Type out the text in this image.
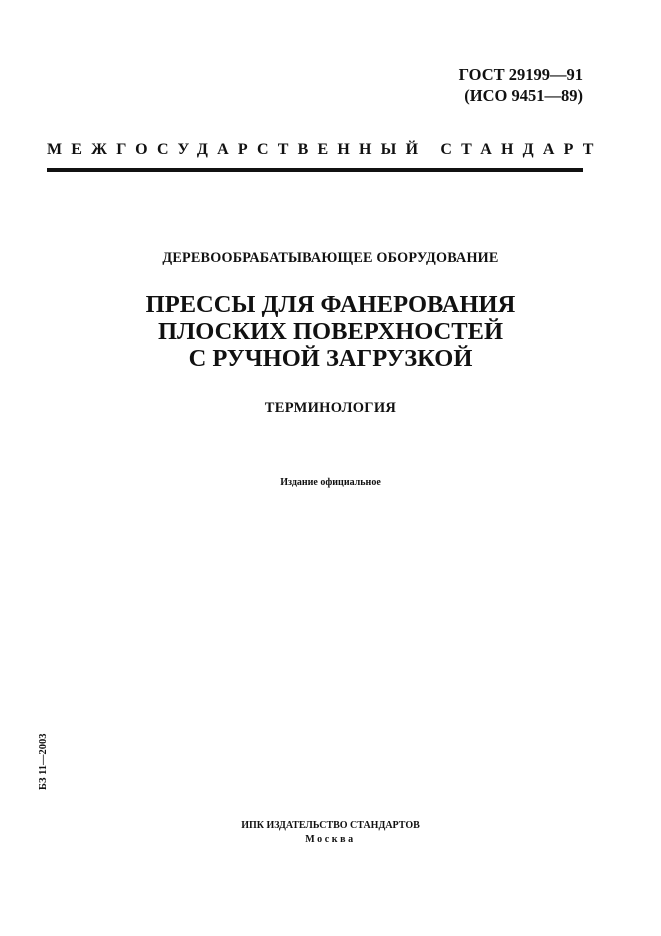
ГОСТ 29199—91
(ИСО 9451—89)
МЕЖГОСУДАРСТВЕННЫЙ СТАНДАРТ
ДЕРЕВООБРАБАТЫВАЮЩЕЕ ОБОРУДОВАНИЕ
ПРЕССЫ ДЛЯ ФАНЕРОВАНИЯ
ПЛОСКИХ ПОВЕРХНОСТЕЙ
С РУЧНОЙ ЗАГРУЗКОЙ
ТЕРМИНОЛОГИЯ
Издание официальное
БЗ 11—2003
ИПК ИЗДАТЕЛЬСТВО СТАНДАРТОВ
Москва
